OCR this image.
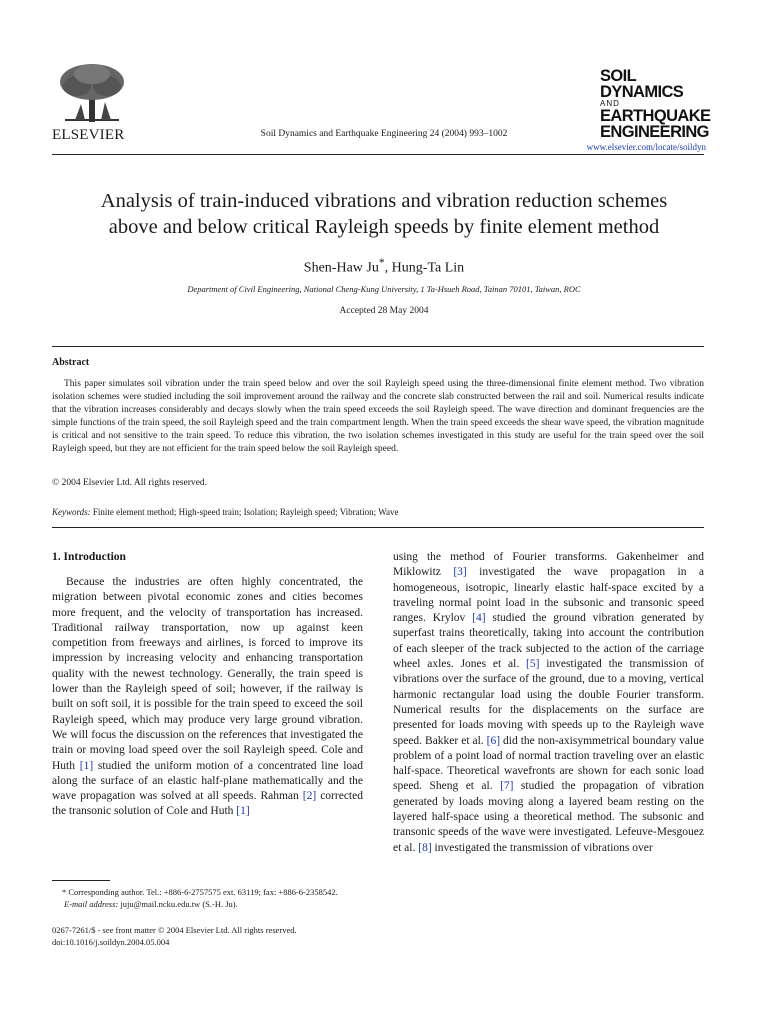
ELSEVIER	Soil Dynamics and Earthquake Engineering 24 (2004) 993–1002
SOIL DYNAMICS
AND
EARTHQUAKE
ENGINEERING
www.elsevier.com/locate/soildyn
Analysis of train-induced vibrations and vibration reduction schemes
above and below critical Rayleigh speeds by finite element method
Shen-Haw Ju*, Hung-Ta Lin
Department of Civil Engineering, National Cheng-Kung University, 1 Ta-Hsueh Road, Tainan 70101, Taiwan, ROC
Accepted 28 May 2004
Abstract
This paper simulates soil vibration under the train speed below and over the soil Rayleigh speed using the three-dimensional finite element method. Two vibration isolation schemes were studied including the soil improvement around the railway and the concrete slab constructed between the rail and soil. Numerical results indicate that the vibration increases considerably and decays slowly when the train speed exceeds the soil Rayleigh speed. The wave direction and dominant frequencies are the simple functions of the train speed, the soil Rayleigh speed and the train compartment length. When the train speed exceeds the shear wave speed, the vibration magnitude is critical and not sensitive to the train speed. To reduce this vibration, the two isolation schemes investigated in this study are useful for the train speed over the soil Rayleigh speed, but they are not efficient for the train speed below the soil Rayleigh speed.
© 2004 Elsevier Ltd. All rights reserved.
Keywords: Finite element method; High-speed train; Isolation; Rayleigh speed; Vibration; Wave
1. Introduction
Because the industries are often highly concentrated, the migration between pivotal economic zones and cities becomes more frequent, and the velocity of transportation has increased. Traditional railway transportation, now up against keen competition from freeways and airlines, is forced to improve its impression by increasing velocity and enhancing transportation quality with the newest technology. Generally, the train speed is lower than the Rayleigh speed of soil; however, if the railway is built on soft soil, it is possible for the train speed to exceed the soil Rayleigh speed, which may produce very large ground vibration. We will focus the discussion on the references that investigated the train or moving load speed over the soil Rayleigh speed. Cole and Huth [1] studied the uniform motion of a concentrated line load along the surface of an elastic half-plane mathematically and the wave propagation was solved at all speeds. Rahman [2] corrected the transonic solution of Cole and Huth [1]
using the method of Fourier transforms. Gakenheimer and Miklowitz [3] investigated the wave propagation in a homogeneous, isotropic, linearly elastic half-space excited by a traveling normal point load in the subsonic and transonic speed ranges. Krylov [4] studied the ground vibration generated by superfast trains theoretically, taking into account the contribution of each sleeper of the track subjected to the action of the carriage wheel axles. Jones et al. [5] investigated the transmission of vibrations over the surface of the ground, due to a moving, vertical harmonic rectangular load using the double Fourier transform. Numerical results for the displacements on the surface are presented for loads moving with speeds up to the Rayleigh wave speed. Bakker et al. [6] did the non-axisymmetrical boundary value problem of a point load of normal traction traveling over an elastic half-space. Theoretical wavefronts are shown for each sonic load speed. Sheng et al. [7] studied the propagation of vibration generated by loads moving along a layered beam resting on the layered half-space using a theoretical method. The subsonic and transonic speeds of the wave were investigated. Lefeuve-Mesgouez et al. [8] investigated the transmission of vibrations over
* Corresponding author. Tel.: +886-6-2757575 ext. 63119; fax: +886-6-2358542.
E-mail address: juju@mail.ncku.edu.tw (S.-H. Ju).
0267-7261/$ - see front matter © 2004 Elsevier Ltd. All rights reserved.
doi:10.1016/j.soildyn.2004.05.004
